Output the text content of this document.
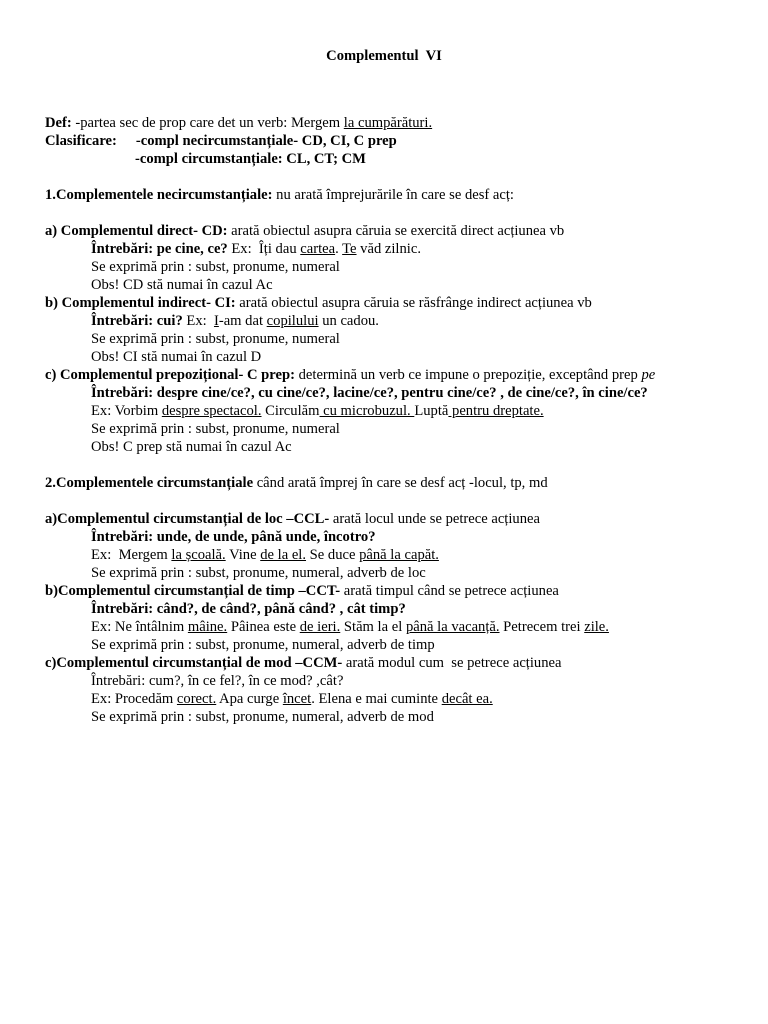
Complementul  VI
Def: -partea sec de prop care det un verb: Mergem la cumpărături.
Clasificare: -compl necircumstanțiale- CD, CI, C prep
-compl circumstanțiale: CL, CT; CM
1.Complementele necircumstanțiale: nu arată împrejurările în care se desf acț:
a) Complementul direct- CD: arată obiectul asupra căruia se exercită direct acțiunea vb
Întrebări: pe cine, ce? Ex:  Îți dau cartea. Te văd zilnic.
Se exprimă prin : subst, pronume, numeral
Obs! CD stă numai în cazul Ac
b) Complementul indirect- CI: arată obiectul asupra căruia se răsfrânge indirect acțiunea vb
Întrebări: cui? Ex:  I-am dat copilului un cadou.
Se exprimă prin : subst, pronume, numeral
Obs! CI stă numai în cazul D
c) Complementul prepozițional- C prep: determină un verb ce impune o prepoziție, exceptând prep pe
Întrebări: despre cine/ce?, cu cine/ce?, lacine/ce?, pentru cine/ce? , de cine/ce?, în cine/ce?
Ex: Vorbim despre spectacol. Circulăm cu microbuzul. Luptă pentru dreptate.
Se exprimă prin : subst, pronume, numeral
Obs! C prep stă numai în cazul Ac
2.Complementele circumstanțiale când arată împrej în care se desf acț -locul, tp, md
a)Complementul circumstanțial de loc –CCL- arată locul unde se petrece acțiunea
Întrebări: unde, de unde, până unde, încotro?
Ex:  Mergem la școală. Vine de la el. Se duce până la capăt.
Se exprimă prin : subst, pronume, numeral, adverb de loc
b)Complementul circumstanțial de timp –CCT- arată timpul când se petrece acțiunea
Întrebări: când?, de când?, până când? , cât timp?
Ex: Ne întâlnim mâine. Pâinea este de ieri. Stăm la el până la vacanță. Petrecem trei zile.
Se exprimă prin : subst, pronume, numeral, adverb de timp
c)Complementul circumstanțial de mod –CCM- arată modul cum  se petrece acțiunea
Întrebări: cum?, în ce fel?, în ce mod? ,cât?
Ex: Procedăm corect. Apa curge încet. Elena e mai cuminte decât ea.
Se exprimă prin : subst, pronume, numeral, adverb de mod
